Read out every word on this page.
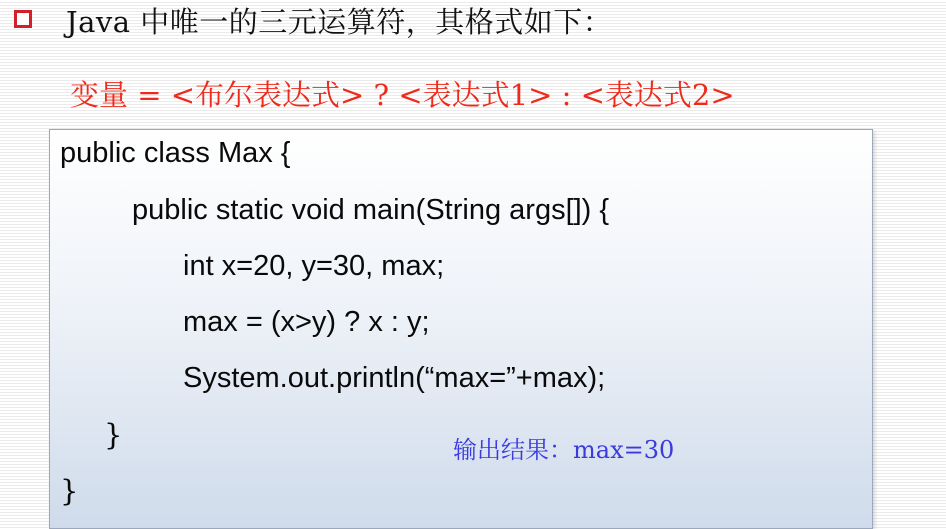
Java 中唯一的三元运算符，其格式如下：
变量 = <布尔表达式> ? <表达式1> : <表达式2>
public class Max {
public static void main(String args[]) {
int x=20, y=30, max;
max = (x>y) ? x : y;
System.out.println(“max=”+max);
}
}
输出结果：max=30
